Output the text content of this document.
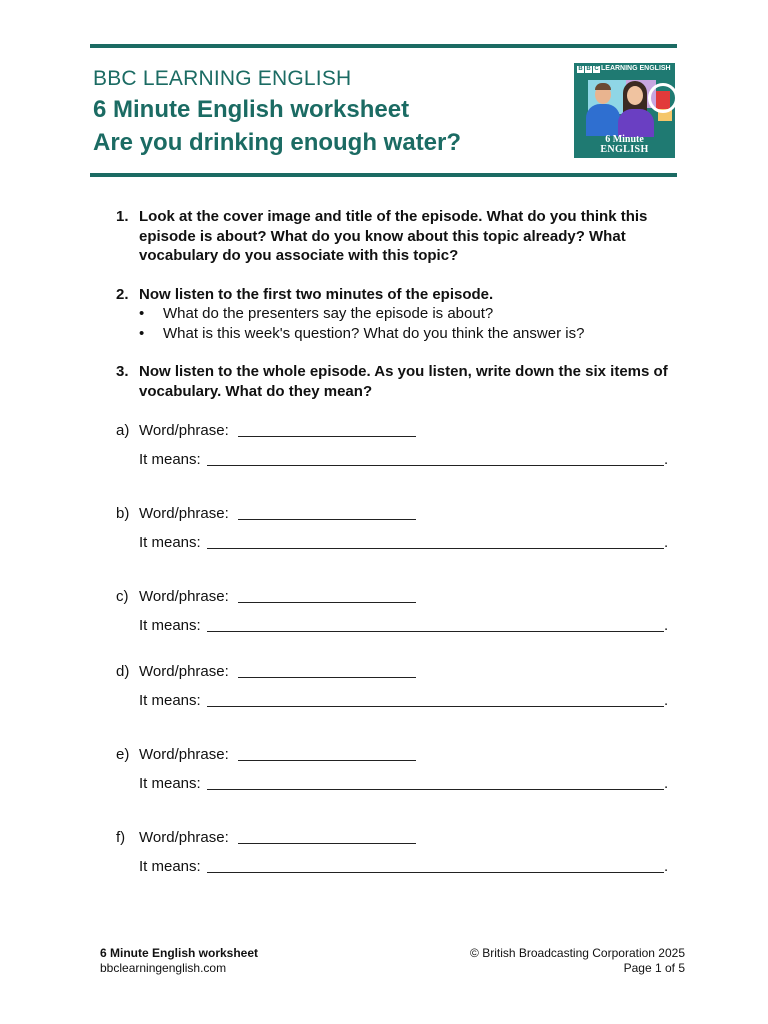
BBC LEARNING ENGLISH
6 Minute English worksheet
Are you drinking enough water?
B B C LEARNING ENGLISH
6 Minute
ENGLISH
1. Look at the cover image and title of the episode. What do you think this episode is about? What do you know about this topic already? What vocabulary do you associate with this topic?
2. Now listen to the first two minutes of the episode.
• What do the presenters say the episode is about?
• What is this week's question? What do you think the answer is?
3. Now listen to the whole episode. As you listen, write down the six items of vocabulary. What do they mean?
a) Word/phrase:
It means:	.
b) Word/phrase:
It means:	.
c) Word/phrase:
It means:	.
d) Word/phrase:
It means:	.
e) Word/phrase:
It means:	.
f) Word/phrase:
It means:	.
6 Minute English worksheet
bbclearningenglish.com
© British Broadcasting Corporation 2025
Page 1 of 5
